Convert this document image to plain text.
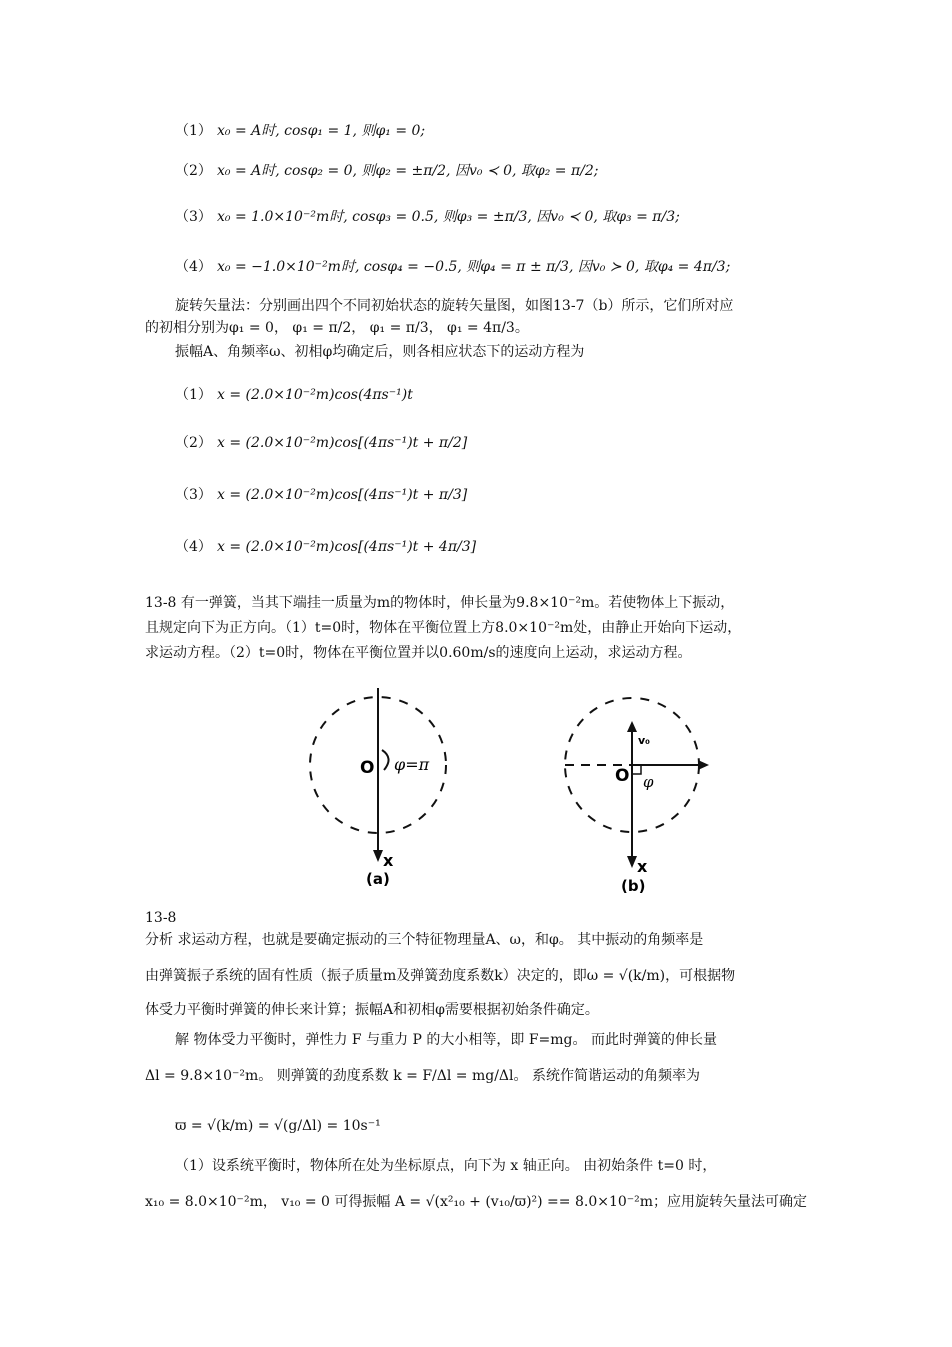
（1） x₀ = A时, cosφ₁ = 1, 则φ₁ = 0;
（2） x₀ = A时, cosφ₂ = 0, 则φ₂ = ±π/2, 因v₀ ≺ 0, 取φ₂ = π/2;
（3） x₀ = 1.0×10⁻²m时, cosφ₃ = 0.5, 则φ₃ = ±π/3, 因v₀ ≺ 0, 取φ₃ = π/3;
（4） x₀ = −1.0×10⁻²m时, cosφ₄ = −0.5, 则φ₄ = π ± π/3, 因v₀ ≻ 0, 取φ₄ = 4π/3;
旋转矢量法：分别画出四个不同初始状态的旋转矢量图，如图13-7（b）所示，它们所对应
的初相分别为φ₁ = 0， φ₁ = π/2， φ₁ = π/3， φ₁ = 4π/3。
振幅A、角频率ω、初相φ均确定后，则各相应状态下的运动方程为
（1） x = (2.0×10⁻²m)cos(4πs⁻¹)t
（2） x = (2.0×10⁻²m)cos[(4πs⁻¹)t + π/2]
（3） x = (2.0×10⁻²m)cos[(4πs⁻¹)t + π/3]
（4） x = (2.0×10⁻²m)cos[(4πs⁻¹)t + 4π/3]
13-8 有一弹簧，当其下端挂一质量为m的物体时，伸长量为9.8×10⁻²m。若使物体上下振动，
且规定向下为正方向。（1）t=0时，物体在平衡位置上方8.0×10⁻²m处，由静止开始向下运动，
求运动方程。（2）t=0时，物体在平衡位置并以0.60m/s的速度向上运动，求运动方程。
O φ=π
x
(a)
v₀
O φ
x
(b)
13-8
分析 求运动方程，也就是要确定振动的三个特征物理量A、ω，和φ。 其中振动的角频率是
由弹簧振子系统的固有性质（振子质量m及弹簧劲度系数k）决定的，即ω = √(k/m)，可根据物
体受力平衡时弹簧的伸长来计算；振幅A和初相φ需要根据初始条件确定。
解 物体受力平衡时，弹性力 F 与重力 P 的大小相等，即 F=mg。 而此时弹簧的伸长量
Δl = 9.8×10⁻²m。 则弹簧的劲度系数 k = F/Δl = mg/Δl。 系统作简谐运动的角频率为
ϖ = √(k/m) = √(g/Δl) = 10s⁻¹
（1）设系统平衡时，物体所在处为坐标原点，向下为 x 轴正向。 由初始条件 t=0 时，
x₁₀ = 8.0×10⁻²m， v₁₀ = 0 可得振幅 A = √(x²₁₀ + (v₁₀/ϖ)²) == 8.0×10⁻²m；应用旋转矢量法可确定
